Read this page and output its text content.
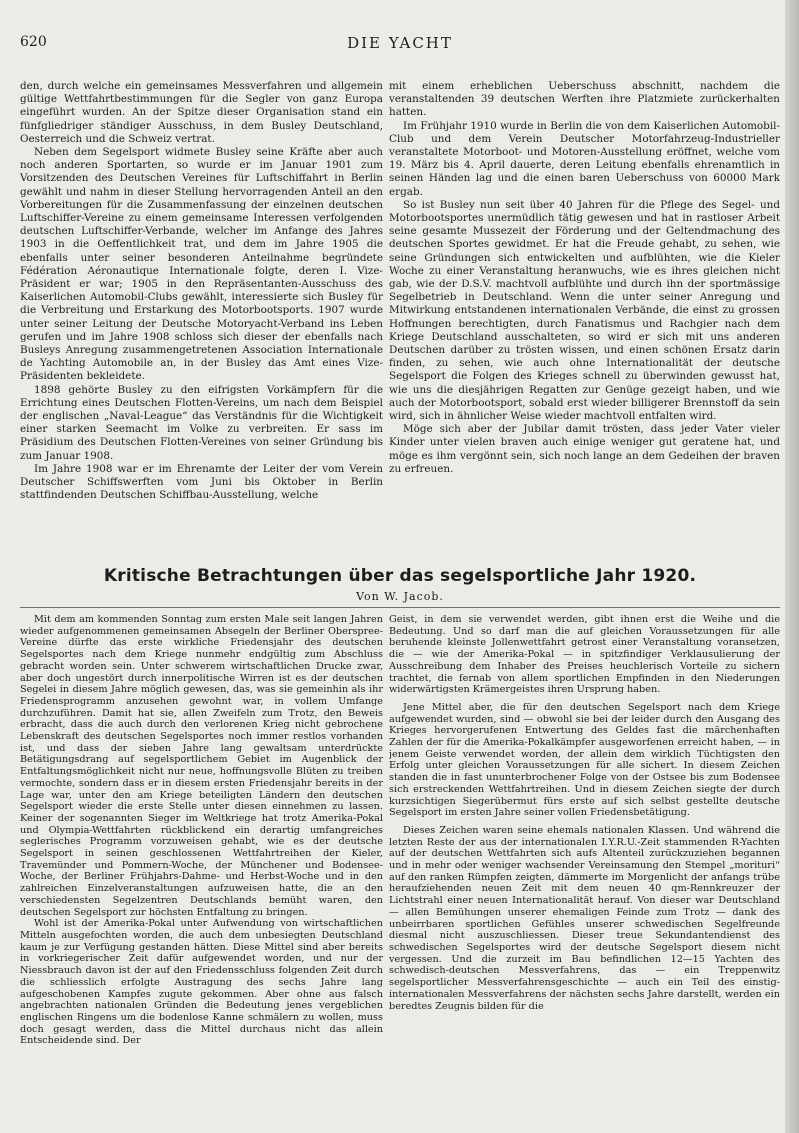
620	DIE YACHT

den, durch welche ein gemeinsames Messverfahren und allgemein gültige Wettfahrtbestimmungen für die Segler von ganz Europa eingeführt wurden. An der Spitze dieser Organisation stand ein fünfgliedriger ständiger Ausschuss, in dem Busley Deutschland, Oesterreich und die Schweiz vertrat.

Neben dem Segelsport widmete Busley seine Kräfte aber auch noch anderen Sportarten, so wurde er im Januar 1901 zum Vorsitzenden des Deutschen Vereines für Luftschiffahrt in Berlin gewählt und nahm in dieser Stellung hervorragenden Anteil an den Vorbereitungen für die Zusammenfassung der einzelnen deutschen Luftschiffer-Vereine zu einem gemeinsame Interessen verfolgenden deutschen Luftschiffer-Verbande, welcher im Anfange des Jahres 1903 in die Oeffentlichkeit trat, und dem im Jahre 1905 die ebenfalls unter seiner besonderen Anteilnahme begründete Fédération Aéronautique Internationale folgte, deren I. Vize-Präsident er war; 1905 in den Repräsentanten-Ausschuss des Kaiserlichen Automobil-Clubs gewählt, interessierte sich Busley für die Verbreitung und Erstarkung des Motorbootsports. 1907 wurde unter seiner Leitung der Deutsche Motoryacht-Verband ins Leben gerufen und im Jahre 1908 schloss sich dieser der ebenfalls nach Busleys Anregung zusammengetretenen Association Internationale de Yachting Automobile an, in der Busley das Amt eines Vize-Präsidenten bekleidete.

1898 gehörte Busley zu den eifrigsten Vorkämpfern für die Errichtung eines Deutschen Flotten-Vereins, um nach dem Beispiel der englischen „Naval-League“ das Verständnis für die Wichtigkeit einer starken Seemacht im Volke zu verbreiten. Er sass im Präsidium des Deutschen Flotten-Vereines von seiner Gründung bis zum Januar 1908.

Im Jahre 1908 war er im Ehrenamte der Leiter der vom Verein Deutscher Schiffswerften vom Juni bis Oktober in Berlin stattfindenden Deutschen Schiffbau-Ausstellung, welche

mit einem erheblichen Ueberschuss abschnitt, nachdem die veranstaltenden 39 deutschen Werften ihre Platzmiete zurückerhalten hatten.

Im Frühjahr 1910 wurde in Berlin die von dem Kaiserlichen Automobil-Club und dem Verein Deutscher Motorfahrzeug-Industrieller veranstaltete Motorboot- und Motoren-Ausstellung eröffnet, welche vom 19. März bis 4. April dauerte, deren Leitung ebenfalls ehrenamtlich in seinen Händen lag und die einen baren Ueberschuss von 60000 Mark ergab.

So ist Busley nun seit über 40 Jahren für die Pflege des Segel- und Motorbootsportes unermüdlich tätig gewesen und hat in rastloser Arbeit seine gesamte Mussezeit der Förderung und der Geltendmachung des deutschen Sportes gewidmet. Er hat die Freude gehabt, zu sehen, wie seine Gründungen sich entwickelten und aufblühten, wie die Kieler Woche zu einer Veranstaltung heranwuchs, wie es ihres gleichen nicht gab, wie der D.S.V. machtvoll aufblühte und durch ihn der sportmässige Segelbetrieb in Deutschland. Wenn die unter seiner Anregung und Mitwirkung entstandenen internationalen Verbände, die einst zu grossen Hoffnungen berechtigten, durch Fanatismus und Rachgier nach dem Kriege Deutschland ausschalteten, so wird er sich mit uns anderen Deutschen darüber zu trösten wissen, und einen schönen Ersatz darin finden, zu sehen, wie auch ohne Internationalität der deutsche Segelsport die Folgen des Krieges schnell zu überwinden gewusst hat, wie uns die diesjährigen Regatten zur Genüge gezeigt haben, und wie auch der Motorbootsport, sobald erst wieder billigerer Brennstoff da sein wird, sich in ähnlicher Weise wieder machtvoll entfalten wird.

Möge sich aber der Jubilar damit trösten, dass jeder Vater vieler Kinder unter vielen braven auch einige weniger gut geratene hat, und möge es ihm vergönnt sein, sich noch lange an dem Gedeihen der braven zu erfreuen.

Kritische Betrachtungen über das segelsportliche Jahr 1920.
Von W. Jacob.

Mit dem am kommenden Sonntag zum ersten Male seit langen Jahren wieder aufgenommenen gemeinsamen Absegeln der Berliner Oberspree-Vereine dürfte das erste wirkliche Friedensjahr des deutschen Segelsportes nach dem Kriege nunmehr endgültig zum Abschluss gebracht worden sein. Unter schwerem wirtschaftlichen Drucke zwar, aber doch ungestört durch innerpolitische Wirren ist es der deutschen Segelei in diesem Jahre möglich gewesen, das, was sie gemeinhin als ihr Friedensprogramm anzusehen gewohnt war, in vollem Umfange durchzuführen. Damit hat sie, allen Zweifeln zum Trotz, den Beweis erbracht, dass die auch durch den verlorenen Krieg nicht gebrochene Lebenskraft des deutschen Segelsportes noch immer restlos vorhanden ist, und dass der sieben Jahre lang gewaltsam unterdrückte Betätigungsdrang auf segelsportlichem Gebiet im Augenblick der Entfaltungsmöglichkeit nicht nur neue, hoffnungsvolle Blüten zu treiben vermochte, sondern dass er in diesem ersten Friedensjahr bereits in der Lage war, unter den am Kriege beteiligten Ländern den deutschen Segelsport wieder die erste Stelle unter diesen einnehmen zu lassen. Keiner der sogenannten Sieger im Weltkriege hat trotz Amerika-Pokal und Olympia-Wettfahrten rückblickend ein derartig umfangreiches seglerisches Programm vorzuweisen gehabt, wie es der deutsche Segelsport in seinen geschlossenen Wettfahrtreihen der Kieler, Travemünder und Pommern-Woche, der Münchener und Bodensee-Woche, der Berliner Frühjahrs-Dahme- und Herbst-Woche und in den zahlreichen Einzelveranstaltungen aufzuweisen hatte, die an den verschiedensten Segelzentren Deutschlands bemüht waren, den deutschen Segelsport zur höchsten Entfaltung zu bringen.

Wohl ist der Amerika-Pokal unter Aufwendung von wirtschaftlichen Mitteln ausgefochten worden, die auch dem unbesiegten Deutschland kaum je zur Verfügung gestanden hätten. Diese Mittel sind aber bereits in vorkriegerischer Zeit dafür aufgewendet worden, und nur der Niessbrauch davon ist der auf den Friedensschluss folgenden Zeit durch die schliesslich erfolgte Austragung des sechs Jahre lang aufgeschobenen Kampfes zugute gekommen. Aber ohne aus falsch angebrachten nationalen Gründen die Bedeutung jenes vergeblichen englischen Ringens um die bodenlose Kanne schmälern zu wollen, muss doch gesagt werden, dass die Mittel durchaus nicht das allein Entscheidende sind. Der

Geist, in dem sie verwendet werden, gibt ihnen erst die Weihe und die Bedeutung. Und so darf man die auf gleichen Voraussetzungen für alle beruhende kleinste Jollenwettfahrt getrost einer Veranstaltung voransetzen, die — wie der Amerika-Pokal — in spitzfindiger Verklausulierung der Ausschreibung dem Inhaber des Preises heuchlerisch Vorteile zu sichern trachtet, die fernab von allem sportlichen Empfinden in den Niederungen widerwärtigsten Krämergeistes ihren Ursprung haben.

Jene Mittel aber, die für den deutschen Segelsport nach dem Kriege aufgewendet wurden, sind — obwohl sie bei der leider durch den Ausgang des Krieges hervorgerufenen Entwertung des Geldes fast die märchenhaften Zahlen der für die Amerika-Pokalkämpfer ausgeworfenen erreicht haben, — in jenem Geiste verwendet worden, der allein dem wirklich Tüchtigsten den Erfolg unter gleichen Voraussetzungen für alle sichert. In diesem Zeichen standen die in fast ununterbrochener Folge von der Ostsee bis zum Bodensee sich erstreckenden Wettfahrtreihen. Und in diesem Zeichen siegte der durch kurzsichtigen Siegerübermut fürs erste auf sich selbst gestellte deutsche Segelsport im ersten Jahre seiner vollen Friedensbetätigung.

Dieses Zeichen waren seine ehemals nationalen Klassen. Und während die letzten Reste der aus der internationalen I.Y.R.U.-Zeit stammenden R-Yachten auf der deutschen Wettfahrten sich aufs Altenteil zurückzuziehen begannen und in mehr oder weniger wachsender Vereinsamung den Stempel „morituri“ auf den ranken Rümpfen zeigten, dämmerte im Morgenlicht der anfangs trübe heraufziehenden neuen Zeit mit dem neuen 40 qm-Rennkreuzer der Lichtstrahl einer neuen Internationalität herauf. Von dieser war Deutschland — allen Bemühungen unserer ehemaligen Feinde zum Trotz — dank des unbeirrbaren sportlichen Gefühles unserer schwedischen Segelfreunde diesmal nicht auszuschliessen. Dieser treue Sekundantendienst des schwedischen Segelsportes wird der deutsche Segelsport diesem nicht vergessen. Und die zurzeit im Bau befindlichen 12—15 Yachten des schwedisch-deutschen Messverfahrens, das — ein Treppenwitz segelsportlicher Messverfahrensgeschichte — auch ein Teil des einstig-internationalen Messverfahrens der nächsten sechs Jahre darstellt, werden ein beredtes Zeugnis bilden für die
